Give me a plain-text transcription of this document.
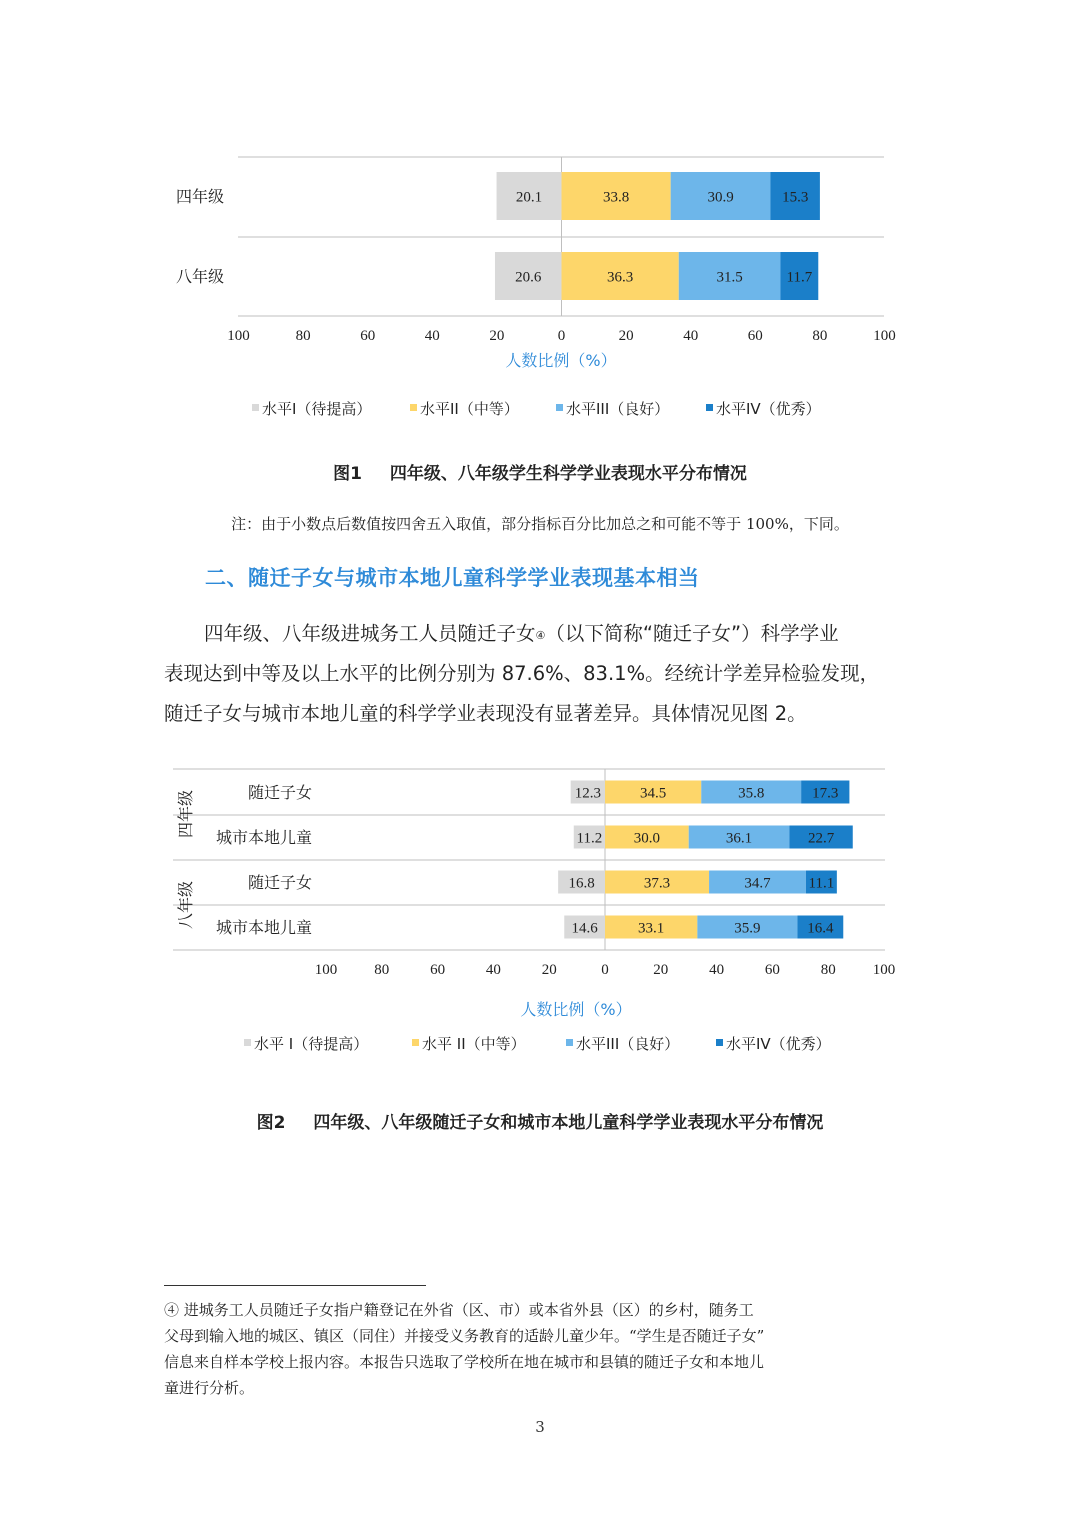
20.1	33.8	30.9	15.3
四年级
20.6	36.3	31.5	11.7
八年级
100	80	60	40	20	0	20	40	60	80	100
人数比例（%）
水平I（待提高）	水平II（中等）	水平III（良好）	水平IV（优秀）
图1 四年级、八年级学生科学学业表现水平分布情况
注：由于小数点后数值按四舍五入取值，部分指标百分比加总之和可能不等于 100%，下同。
二、随迁子女与城市本地儿童科学学业表现基本相当
四年级、八年级进城务工人员随迁子女④（以下简称“随迁子女”）科学学业
表现达到中等及以上水平的比例分别为 87.6%、83.1%。经统计学差异检验发现，
随迁子女与城市本地儿童的科学学业表现没有显著差异。具体情况见图 2。
12.3	34.5	35.8	17.3
随迁子女
11.2 30.0	36.1	22.7
城市本地儿童
16.8	37.3	34.7	11.1
随迁子女
14.6	33.1	35.9	16.4
城市本地儿童
四年级
八年级
100 80	60	40	20	0	20	40	60	80 100
人数比例（%）
水平 I（待提高）	水平 II（中等）	水平III（良好）	水平IV（优秀）
图2 四年级、八年级随迁子女和城市本地儿童科学学业表现水平分布情况
④ 进城务工人员随迁子女指户籍登记在外省（区、市）或本省外县（区）的乡村，随务工
父母到输入地的城区、镇区（同住）并接受义务教育的适龄儿童少年。“学生是否随迁子女”
信息来自样本学校上报内容。本报告只选取了学校所在地在城市和县镇的随迁子女和本地儿
童进行分析。
3
